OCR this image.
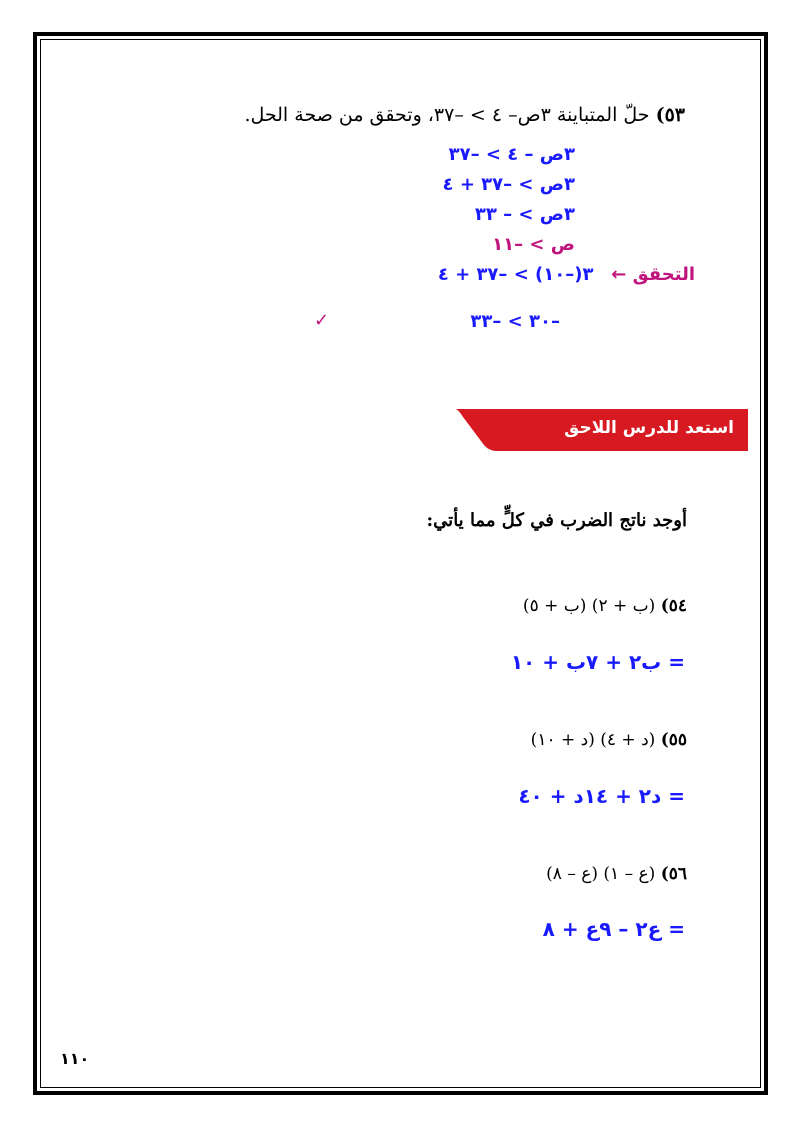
٥٣) حلّ المتباينة ٣ص– ٤ > –٣٧، وتحقق من صحة الحل.
٣ص – ٤ > –٣٧
٣ص > –٣٧ + ٤
٣ص > – ٣٣
ص > –١١
التحقق ← ٣(–١٠) > –٣٧ + ٤
–٣٠ > –٣٣
✓
استعد للدرس اللاحق
أوجد ناتج الضرب في كلٍّ مما يأتي:
٥٤) (ب + ٢) (ب + ٥)
= ب٢ + ٧ب + ١٠
٥٥) (د + ٤) (د + ١٠)
= د٢ + ١٤د + ٤٠
٥٦) (ع – ١) (ع – ٨)
= ع٢ – ٩ع + ٨
١١٠
